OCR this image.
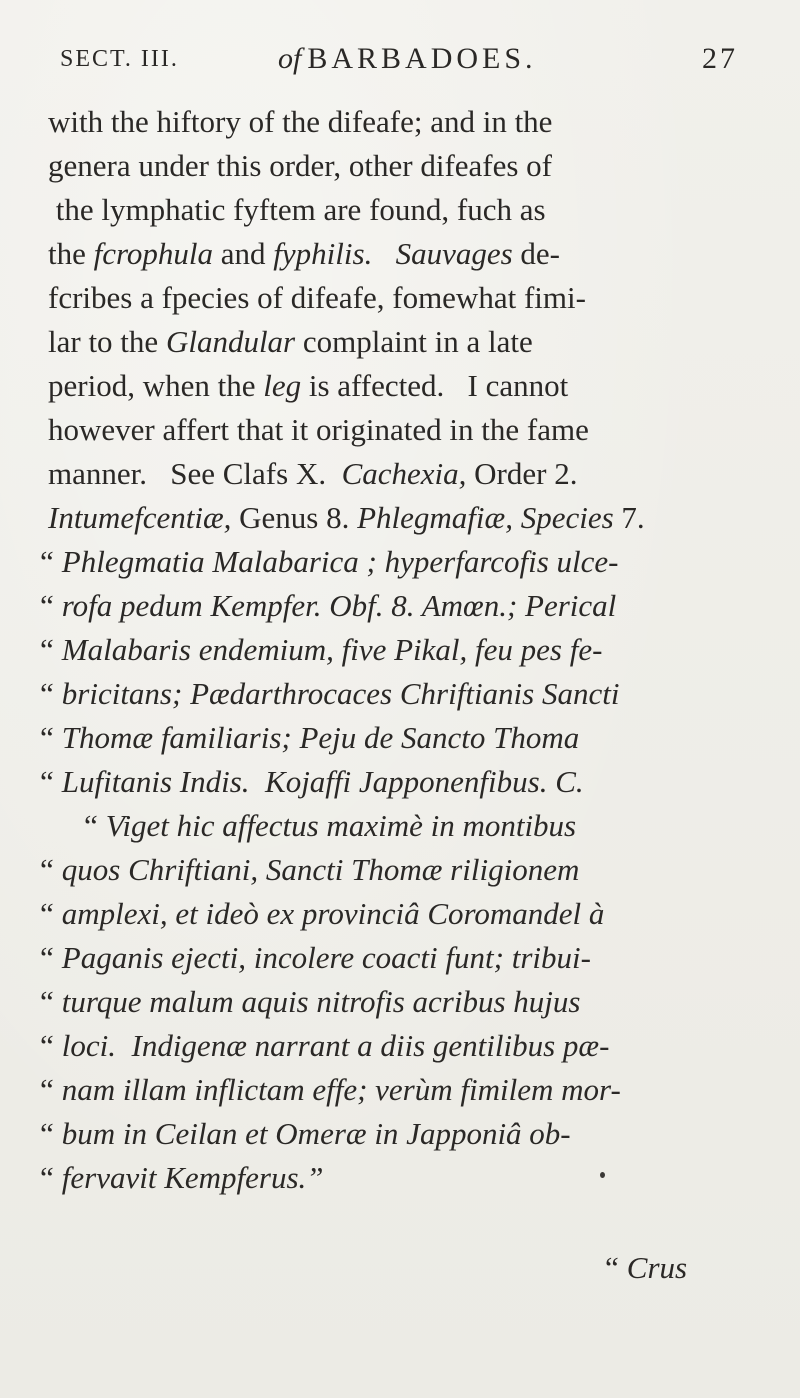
SECT. III.	of BARBADOES.	27
with the hiftory of the difeafe; and in the
genera under this order, other difeafes of
the lymphatic fyftem are found, fuch as
the fcrophula and fyphilis. Sauvages de-
fcribes a fpecies of difeafe, fomewhat fimi-
lar to the Glandular complaint in a late
period, when the leg is affected.   I cannot
however affert that it originated in the fame
manner.   See Clafs X.  Cachexia, Order 2.
Intumefcentiæ, Genus 8. Phlegmafiæ, Species 7.
“ Phlegmatia Malabarica ; hyperfarcofis ulce-
“ rofa pedum Kempfer. Obf. 8. Amœn.; Perical
“ Malabaris endemium, five Pikal, feu pes fe-
“ bricitans; Pædarthrocaces Chriftianis Sancti
“ Thomæ familiaris; Peju de Sancto Thoma
“ Lufitanis Indis.  Kojaffi Japponenfibus. C.
“ Viget hic affectus maximè in montibus
“ quos Chriftiani, Sancti Thomæ riligionem
“ amplexi, et ideò ex provinciâ Coromandel à
“ Paganis ejecti, incolere coacti funt; tribui-
“ turque malum aquis nitrofis acribus hujus
“ loci.  Indigenæ narrant a diis gentilibus pæ-
“ nam illam inflictam effe; verùm fimilem mor-
“ bum in Ceilan et Omeræ in Japponiâ ob-
“ fervavit Kempferus.”
“ Crus
